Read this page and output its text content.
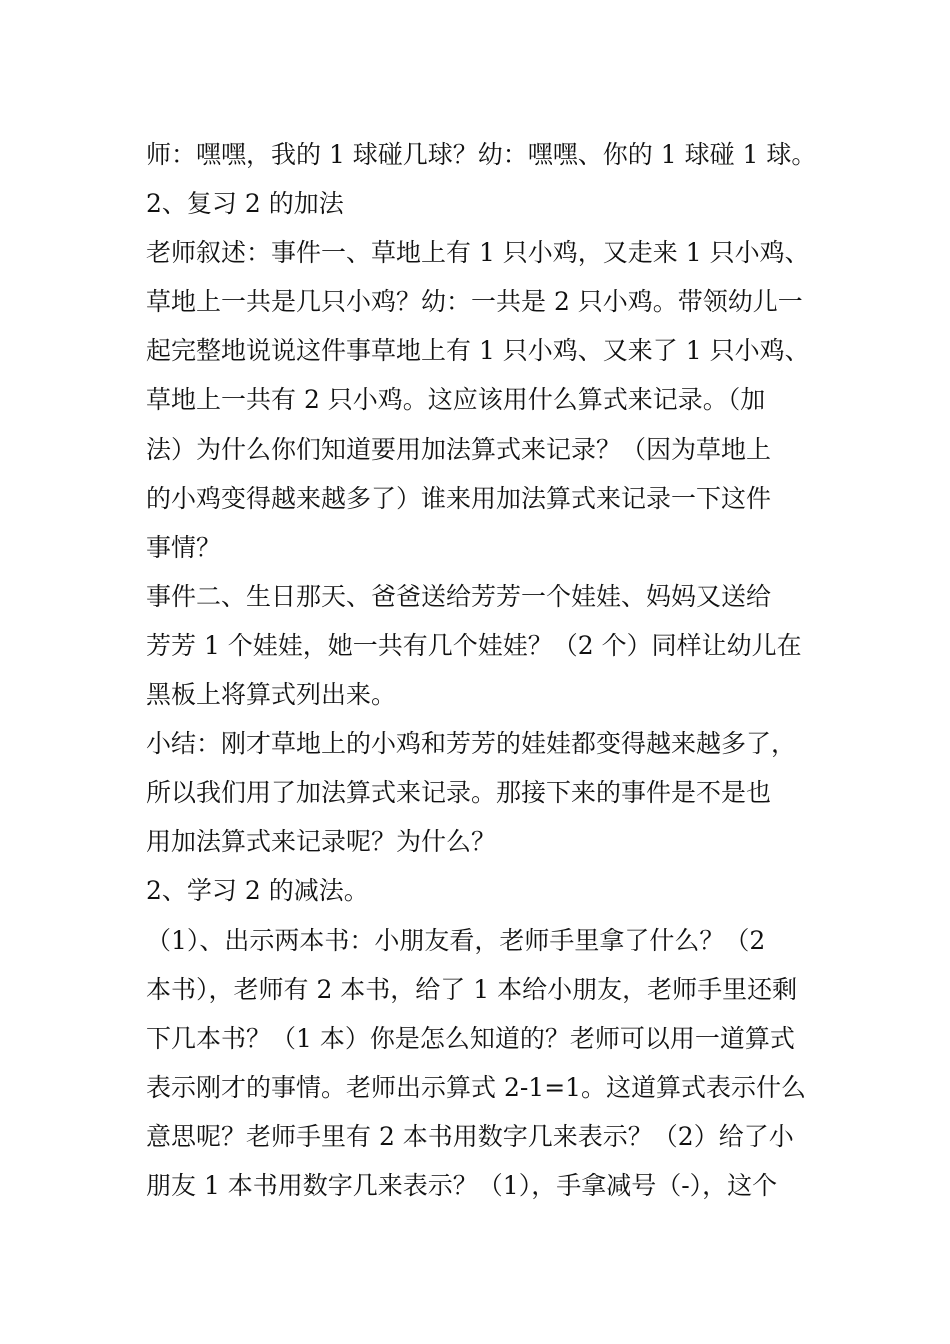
师：嘿嘿，我的 1 球碰几球？幼：嘿嘿、你的 1 球碰 1 球。
2、复习 2 的加法
老师叙述：事件一、草地上有 1 只小鸡，又走来 1 只小鸡、
草地上一共是几只小鸡？幼：一共是 2 只小鸡。带领幼儿一
起完整地说说这件事草地上有 1 只小鸡、又来了 1 只小鸡、
草地上一共有 2 只小鸡。这应该用什么算式来记录。（加
法）为什么你们知道要用加法算式来记录？（因为草地上
的小鸡变得越来越多了）谁来用加法算式来记录一下这件
事情？
事件二、生日那天、爸爸送给芳芳一个娃娃、妈妈又送给
芳芳 1 个娃娃，她一共有几个娃娃？（2 个）同样让幼儿在
黑板上将算式列出来。
小结：刚才草地上的小鸡和芳芳的娃娃都变得越来越多了，
所以我们用了加法算式来记录。那接下来的事件是不是也
用加法算式来记录呢？为什么？
2、学习 2 的减法。
（1）、出示两本书：小朋友看，老师手里拿了什么？（2
本书），老师有 2 本书，给了 1 本给小朋友，老师手里还剩
下几本书？（1 本）你是怎么知道的？老师可以用一道算式
表示刚才的事情。老师出示算式 2-1=1。这道算式表示什么
意思呢？老师手里有 2 本书用数字几来表示？（2）给了小
朋友 1 本书用数字几来表示？（1），手拿减号（-），这个
